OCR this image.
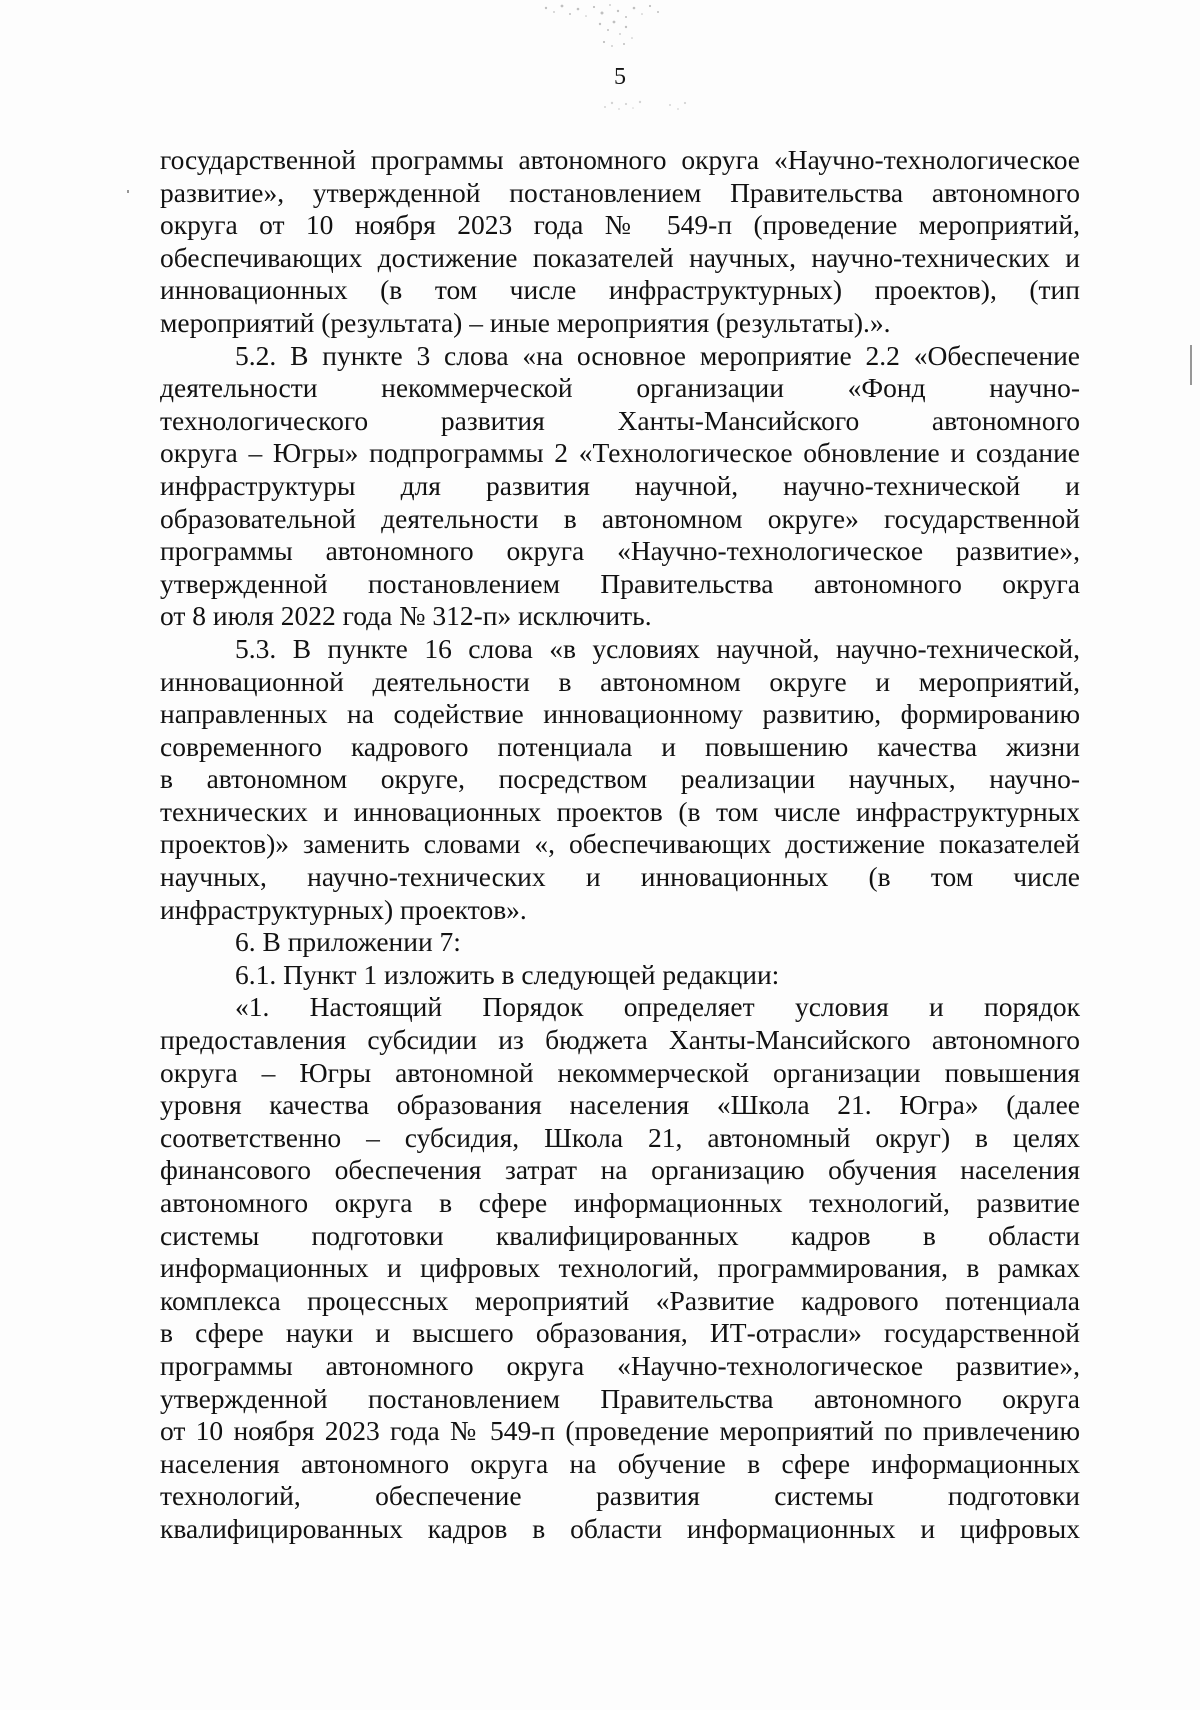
5
государственной программы автономного округа «Научно-технологическое
развитие», утвержденной постановлением Правительства автономного
округа от 10 ноября 2023 года № 549-п (проведение мероприятий,
обеспечивающих достижение показателей научных, научно-технических и
инновационных (в том числе инфраструктурных) проектов), (тип
мероприятий (результата) – иные мероприятия (результаты).».
5.2. В пункте 3 слова «на основное мероприятие 2.2 «Обеспечение
деятельности некоммерческой организации «Фонд научно-
технологического развития Ханты-Мансийского автономного
округа – Югры» подпрограммы 2 «Технологическое обновление и создание
инфраструктуры для развития научной, научно-технической и
образовательной деятельности в автономном округе» государственной
программы автономного округа «Научно-технологическое развитие»,
утвержденной постановлением Правительства автономного округа
от 8 июля 2022 года № 312-п» исключить.
5.3. В пункте 16 слова «в условиях научной, научно-технической,
инновационной деятельности в автономном округе и мероприятий,
направленных на содействие инновационному развитию, формированию
современного кадрового потенциала и повышению качества жизни
в автономном округе, посредством реализации научных, научно-
технических и инновационных проектов (в том числе инфраструктурных
проектов)» заменить словами «, обеспечивающих достижение показателей
научных, научно-технических и инновационных (в том числе
инфраструктурных) проектов».
6. В приложении 7:
6.1. Пункт 1 изложить в следующей редакции:
«1. Настоящий Порядок определяет условия и порядок
предоставления субсидии из бюджета Ханты-Мансийского автономного
округа – Югры автономной некоммерческой организации повышения
уровня качества образования населения «Школа 21. Югра» (далее
соответственно – субсидия, Школа 21, автономный округ) в целях
финансового обеспечения затрат на организацию обучения населения
автономного округа в сфере информационных технологий, развитие
системы подготовки квалифицированных кадров в области
информационных и цифровых технологий, программирования, в рамках
комплекса процессных мероприятий «Развитие кадрового потенциала
в сфере науки и высшего образования, ИТ-отрасли» государственной
программы автономного округа «Научно-технологическое развитие»,
утвержденной постановлением Правительства автономного округа
от 10 ноября 2023 года № 549-п (проведение мероприятий по привлечению
населения автономного округа на обучение в сфере информационных
технологий, обеспечение развития системы подготовки
квалифицированных кадров в области информационных и цифровых
